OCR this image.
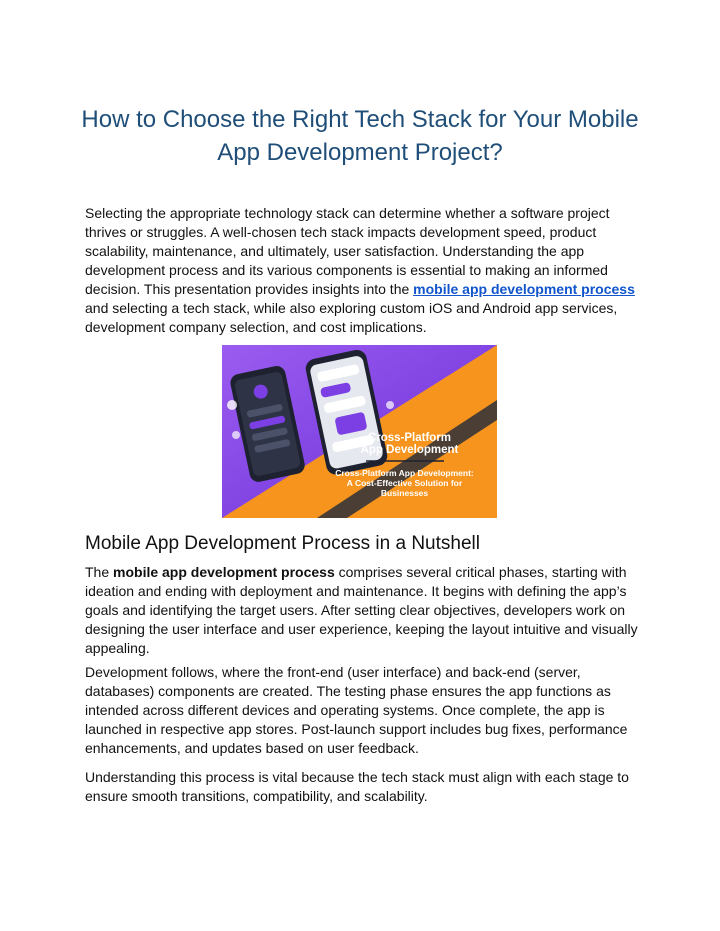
How to Choose the Right Tech Stack for Your Mobile
App Development Project?

Selecting the appropriate technology stack can determine whether a software project thrives or struggles. A well-chosen tech stack impacts development speed, product scalability, maintenance, and ultimately, user satisfaction. Understanding the app development process and its various components is essential to making an informed decision. This presentation provides insights into the mobile app development process and selecting a tech stack, while also exploring custom iOS and Android app services, development company selection, and cost implications.

Cross-Platform
App Development
Cross-Platform App Development:
A Cost-Effective Solution for
Businesses
Mobile App Development Process in a Nutshell

The mobile app development process comprises several critical phases, starting with ideation and ending with deployment and maintenance. It begins with defining the app’s goals and identifying the target users. After setting clear objectives, developers work on designing the user interface and user experience, keeping the layout intuitive and visually appealing.

Development follows, where the front-end (user interface) and back-end (server, databases) components are created. The testing phase ensures the app functions as intended across different devices and operating systems. Once complete, the app is launched in respective app stores. Post-launch support includes bug fixes, performance enhancements, and updates based on user feedback.

Understanding this process is vital because the tech stack must align with each stage to ensure smooth transitions, compatibility, and scalability.
